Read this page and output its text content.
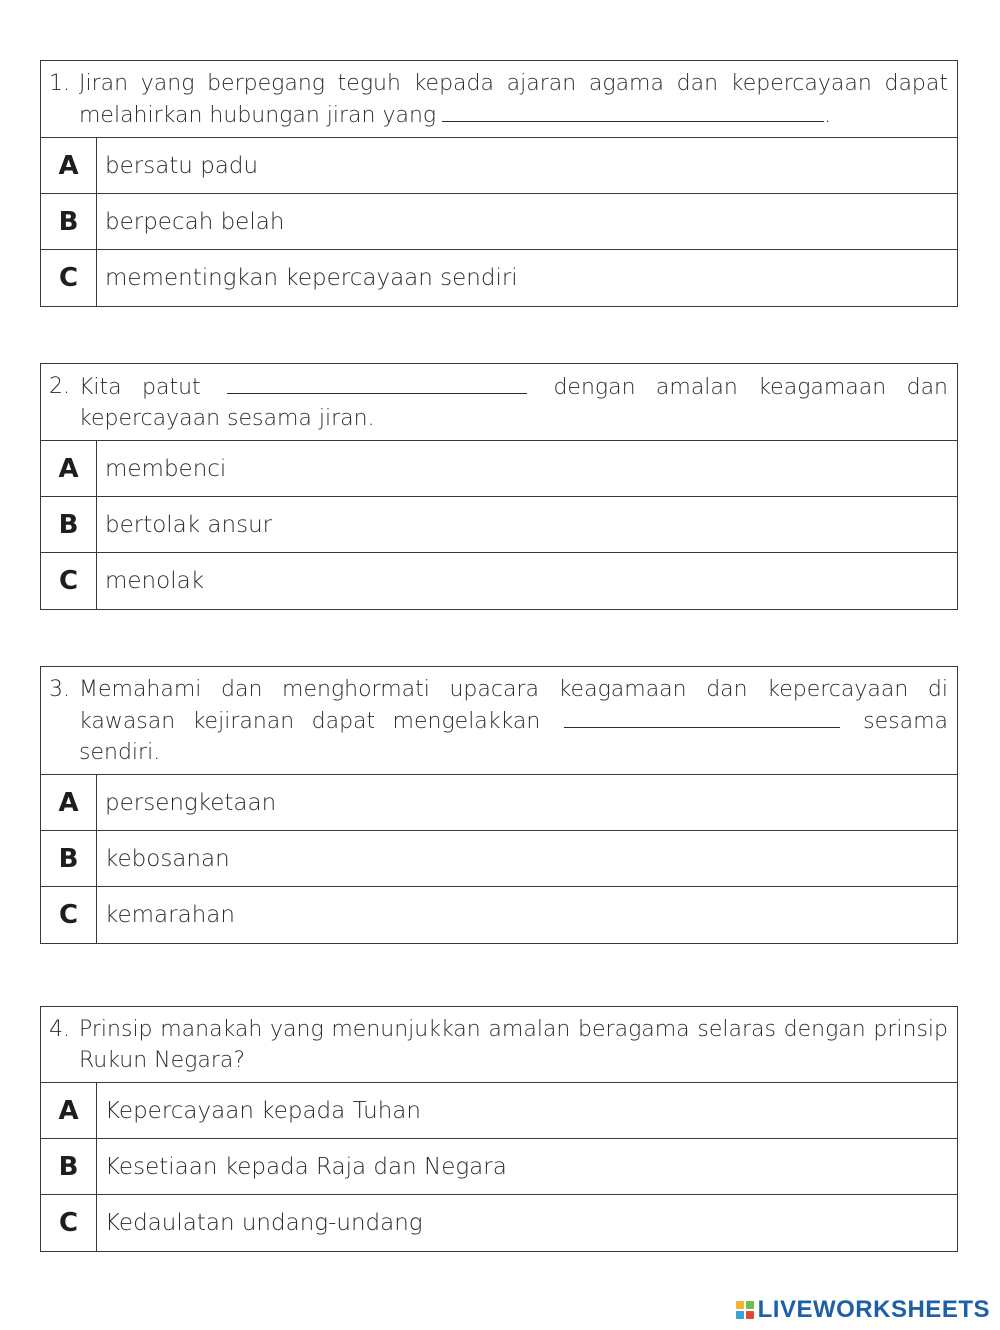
1. Jiran yang berpegang teguh kepada ajaran agama dan kepercayaan dapat melahirkan hubungan jiran yang	.
A	bersatu padu
B	berpecah belah
C	mementingkan kepercayaan sendiri
2. Kita patut	dengan amalan keagamaan dan kepercayaan sesama jiran.
A	membenci
B	bertolak ansur
C	menolak
3. Memahami dan menghormati upacara keagamaan dan kepercayaan di kawasan kejiranan dapat mengelakkan	sesama sendiri.
A	persengketaan
B	kebosanan
C	kemarahan
4. Prinsip manakah yang menunjukkan amalan beragama selaras dengan prinsip Rukun Negara?
A	Kepercayaan kepada Tuhan
B	Kesetiaan kepada Raja dan Negara
C	Kedaulatan undang-undang
LIVEWORKSHEETS
